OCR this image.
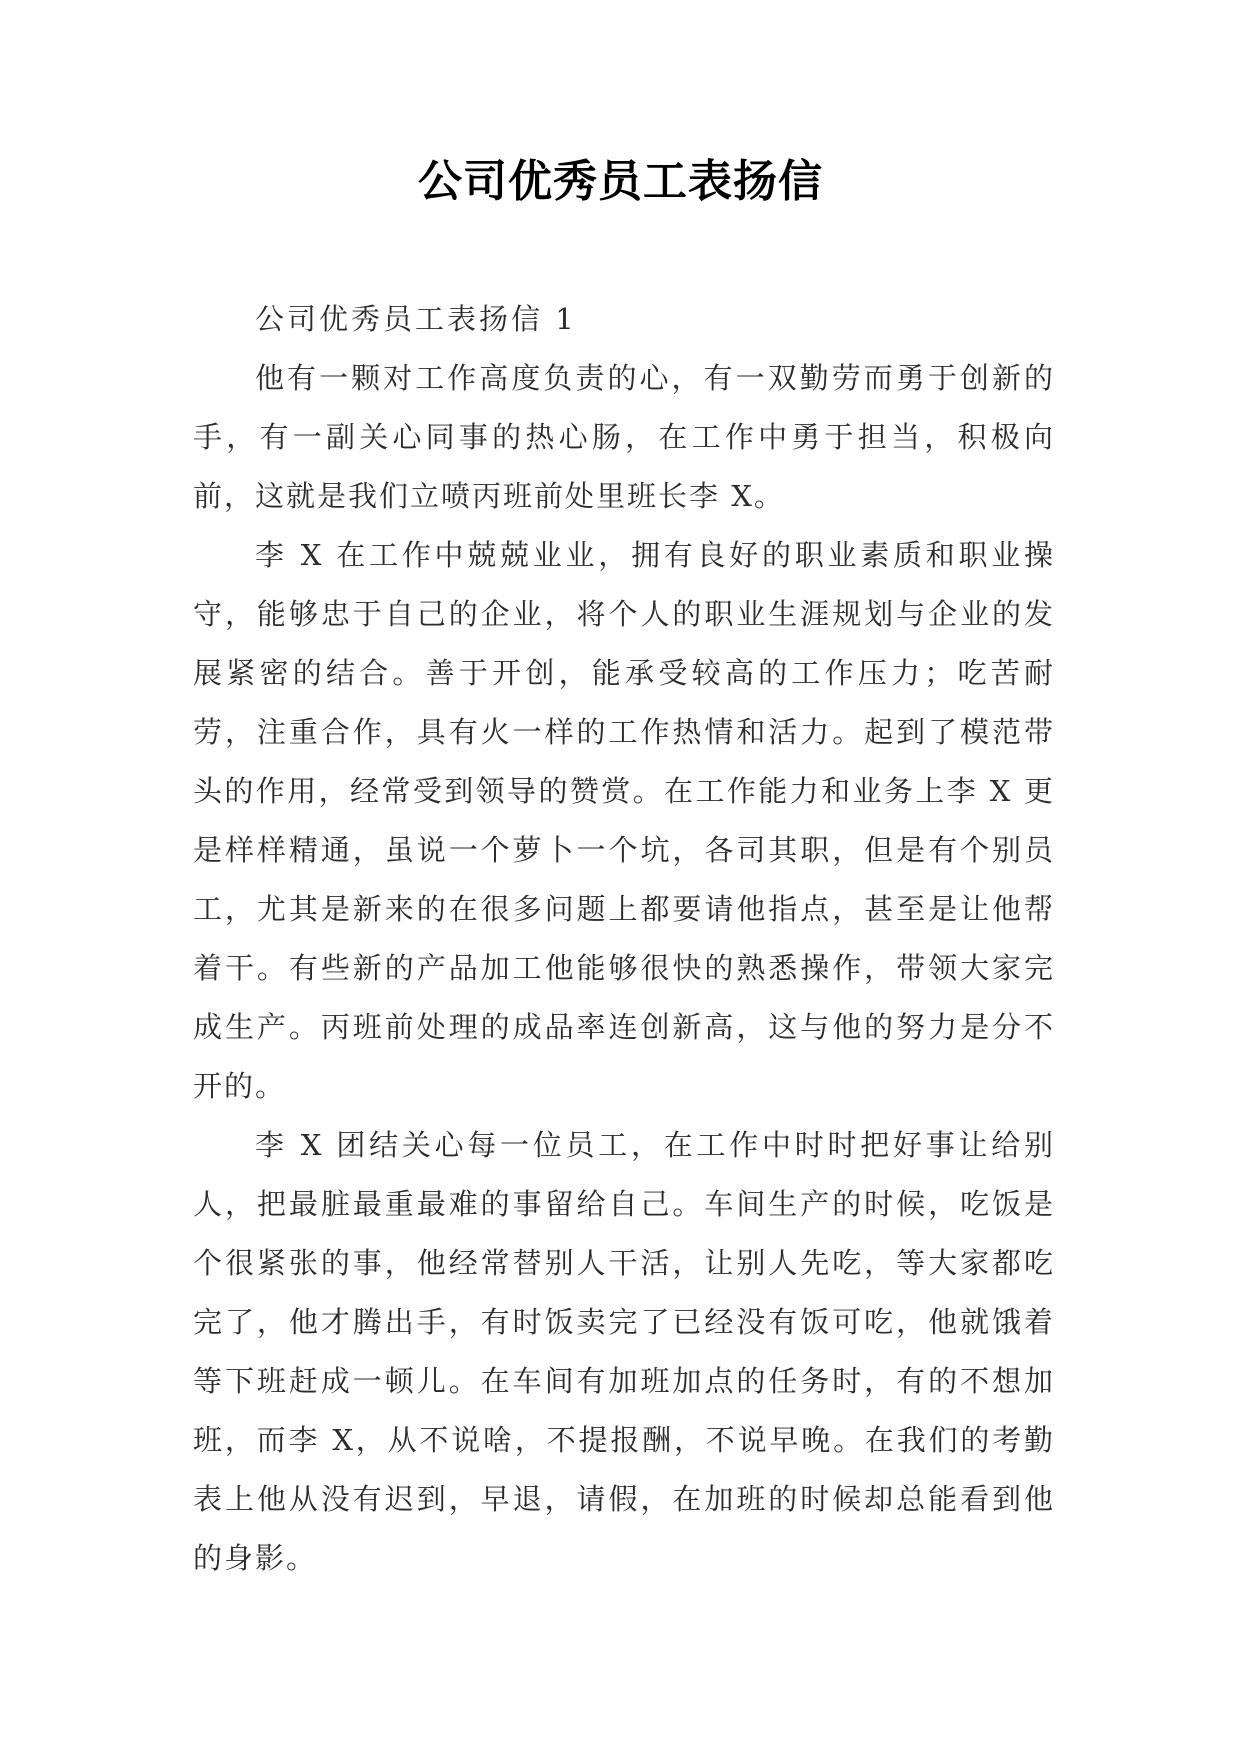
公司优秀员工表扬信

公司优秀员工表扬信 1

他有一颗对工作高度负责的心，有一双勤劳而勇于创新的手，有一副关心同事的热心肠，在工作中勇于担当，积极向前，这就是我们立喷丙班前处里班长李 X。

李 X 在工作中兢兢业业，拥有良好的职业素质和职业操守，能够忠于自己的企业，将个人的职业生涯规划与企业的发展紧密的结合。善于开创，能承受较高的工作压力；吃苦耐劳，注重合作，具有火一样的工作热情和活力。起到了模范带头的作用，经常受到领导的赞赏。在工作能力和业务上李 X 更是样样精通，虽说一个萝卜一个坑，各司其职，但是有个别员工，尤其是新来的在很多问题上都要请他指点，甚至是让他帮着干。有些新的产品加工他能够很快的熟悉操作，带领大家完成生产。丙班前处理的成品率连创新高，这与他的努力是分不开的。

李 X 团结关心每一位员工，在工作中时时把好事让给别人，把最脏最重最难的事留给自己。车间生产的时候，吃饭是个很紧张的事，他经常替别人干活，让别人先吃，等大家都吃完了，他才腾出手，有时饭卖完了已经没有饭可吃，他就饿着等下班赶成一顿儿。在车间有加班加点的任务时，有的不想加班，而李 X，从不说啥，不提报酬，不说早晚。在我们的考勤表上他从没有迟到，早退，请假，在加班的时候却总能看到他的身影。
